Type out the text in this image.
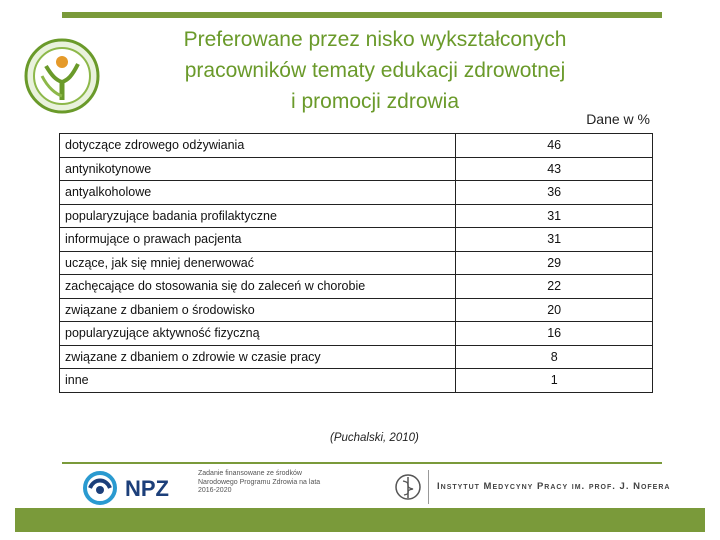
Preferowane przez nisko wykształconych
pracowników tematy edukacji zdrowotnej
i promocji zdrowia
Dane w %
dotyczące zdrowego odżywiania	46
antynikotynowe	43
antyalkoholowe	36
popularyzujące badania profilaktyczne	31
informujące o prawach pacjenta	31
uczące, jak się mniej denerwować	29
zachęcające do stosowania się do zaleceń w chorobie	22
związane z dbaniem o środowisko	20
popularyzujące aktywność fizyczną	16
związane z dbaniem o zdrowie w czasie pracy	8
inne	1
(Puchalski, 2010)
NPZ
Zadanie finansowane ze środków Narodowego Programu Zdrowia na lata 2016-2020	Instytut Medycyny Pracy im. prof. J. Nofera
